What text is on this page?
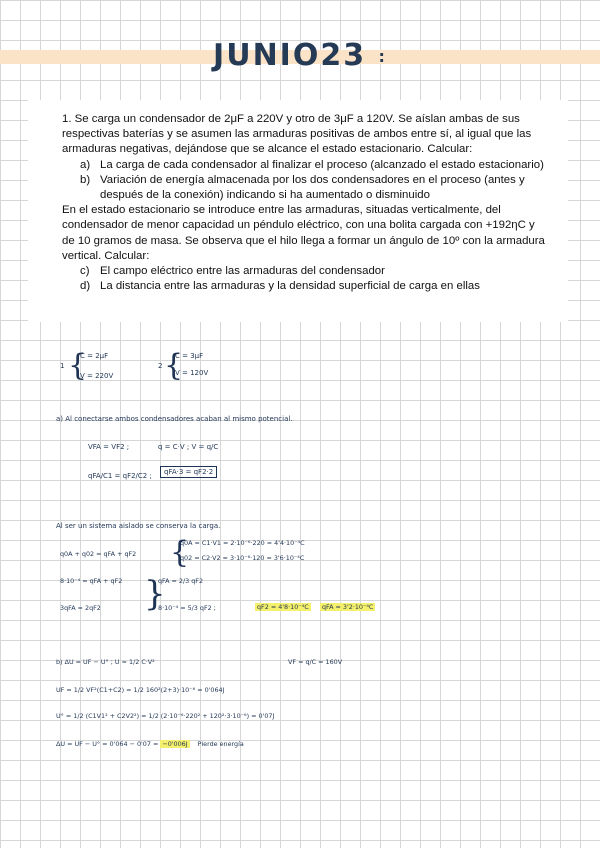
JUNIO23 :

1. Se carga un condensador de 2μF a 220V y otro de 3μF a 120V. Se aíslan ambas de sus respectivas baterías y se asumen las armaduras positivas de ambos entre sí, al igual que las armaduras negativas, dejándose que se alcance el estado estacionario. Calcular:

a) La carga de cada condensador al finalizar el proceso (alcanzado el estado estacionario)
b) Variación de energía almacenada por los dos condensadores en el proceso (antes y después de la conexión) indicando si ha aumentado o disminuido

En el estado estacionario se introduce entre las armaduras, situadas verticalmente, del condensador de menor capacidad un péndulo eléctrico, con una bolita cargada con +192ηC y de 10 gramos de masa. Se observa que el hilo llega a formar un ángulo de 10º con la armadura vertical. Calcular:

c) El campo eléctrico entre las armaduras del condensador
d) La distancia entre las armaduras y la densidad superficial de carga en ellas
1 {
C = 2μF
V = 220V
2 {
C = 3μF
V = 120V
a) Al conectarse ambos condensadores acaban al mismo potencial.
VFA = VF2 ;	q = C·V ; V = q/C
qFA/C1 = qF2/C2 ;	qFA·3 = qF2·2
Al ser un sistema aislado se conserva la carga.
q0A + q02 = qFA + qF2 {
q0A = C1·V1 = 2·10⁻⁶·220 = 4'4·10⁻⁴C
q02 = C2·V2 = 3·10⁻⁶·120 = 3'6·10⁻⁴C
8·10⁻⁴ = qFA + qF2 }
qFA = 2/3 qF2
3qFA = 2qF2	8·10⁻⁴ = 5/3 qF2 ;	qF2 = 4'8·10⁻⁴C	qFA = 3'2·10⁻⁴C
b) ΔU = UF − U° ; U = 1/2 C·V²	VF = q/C = 160V
UF = 1/2 VF²(C1+C2) = 1/2 160²(2+3)·10⁻⁶ = 0'064J
U° = 1/2 (C1V1² + C2V2²) = 1/2 (2·10⁻⁶·220² + 120²·3·10⁻⁶) = 0'07J
ΔU = UF − U° = 0'064 − 0'07 = −0'006J Pierde energía
